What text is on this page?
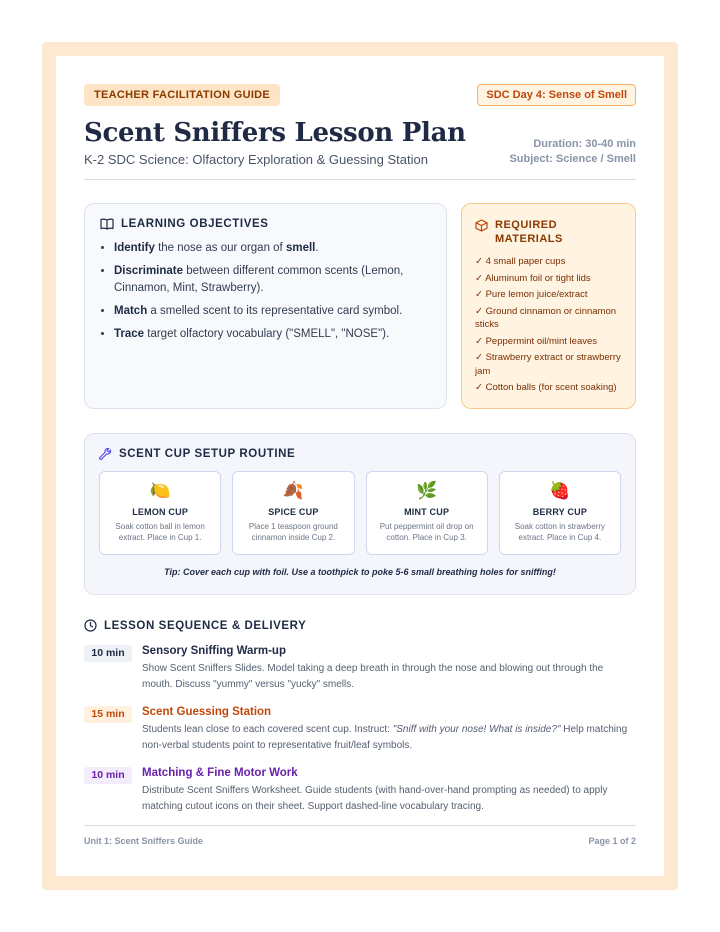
TEACHER FACILITATION GUIDE	SDC Day 4: Sense of Smell
Scent Sniffers Lesson Plan
K-2 SDC Science: Olfactory Exploration & Guessing Station
Duration: 30-40 min
Subject: Science / Smell
LEARNING OBJECTIVES
• Identify the nose as our organ of smell.
• Discriminate between different common scents (Lemon, Cinnamon, Mint, Strawberry).
• Match a smelled scent to its representative card symbol.
• Trace target olfactory vocabulary ("SMELL", "NOSE").
REQUIRED MATERIALS
✓ 4 small paper cups
✓ Aluminum foil or tight lids
✓ Pure lemon juice/extract
✓ Ground cinnamon or cinnamon sticks
✓ Peppermint oil/mint leaves
✓ Strawberry extract or strawberry jam
✓ Cotton balls (for scent soaking)
SCENT CUP SETUP ROUTINE
🍋
LEMON CUP
Soak cotton ball in lemon extract. Place in Cup 1.
🍂
SPICE CUP
Place 1 teaspoon ground cinnamon inside Cup 2.
🌿
MINT CUP
Put peppermint oil drop on cotton. Place in Cup 3.
🍓
BERRY CUP
Soak cotton in strawberry extract. Place in Cup 4.
Tip: Cover each cup with foil. Use a toothpick to poke 5-6 small breathing holes for sniffing!
LESSON SEQUENCE & DELIVERY
10 min	Sensory Sniffing Warm-up
Show Scent Sniffers Slides. Model taking a deep breath in through the nose and blowing out through the mouth. Discuss "yummy" versus "yucky" smells.
15 min	Scent Guessing Station
Students lean close to each covered scent cup. Instruct: "Sniff with your nose! What is inside?" Help matching non-verbal students point to representative fruit/leaf symbols.
10 min	Matching & Fine Motor Work
Distribute Scent Sniffers Worksheet. Guide students (with hand-over-hand prompting as needed) to apply matching cutout icons on their sheet. Support dashed-line vocabulary tracing.
Unit 1: Scent Sniffers Guide	Page 1 of 2
